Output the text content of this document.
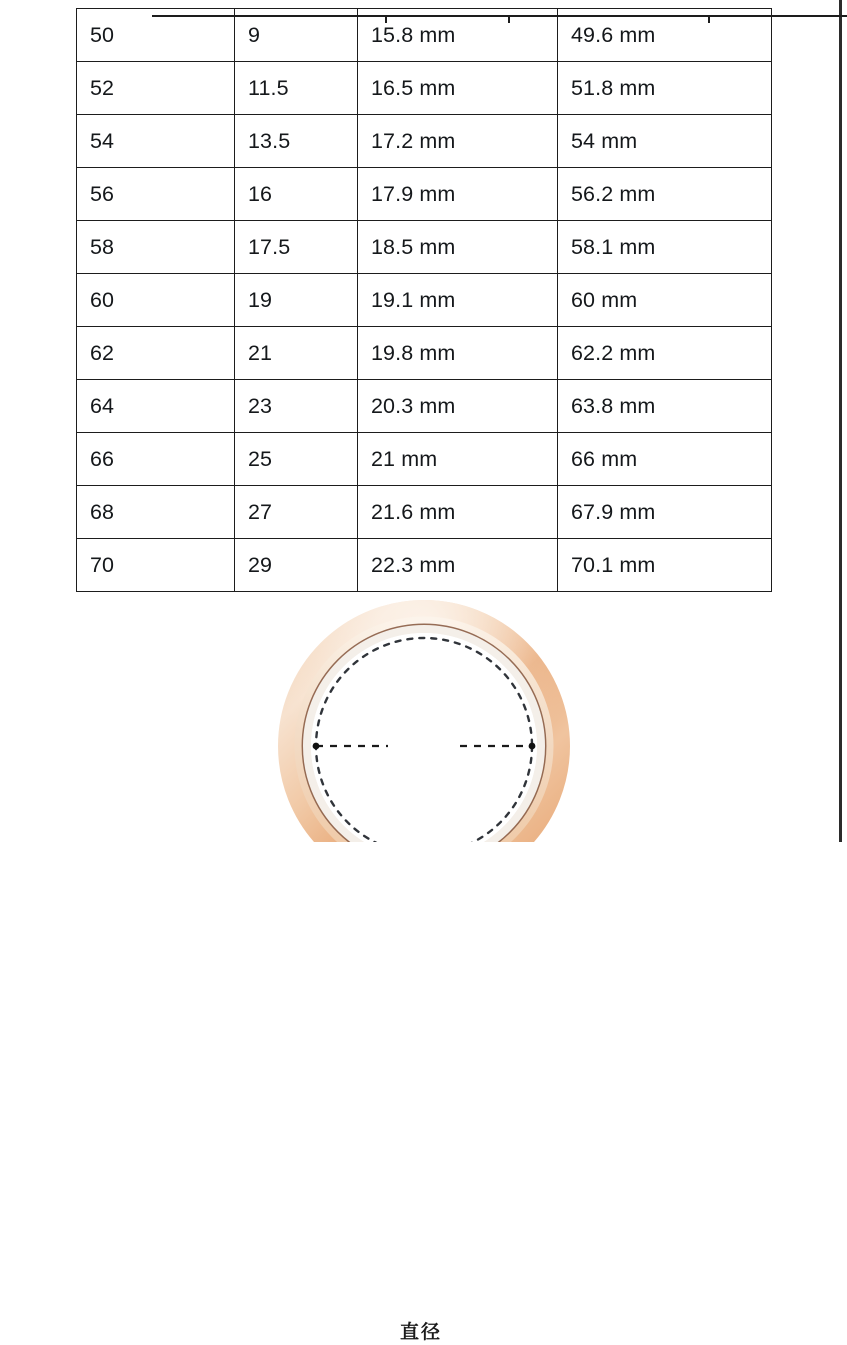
50	9	15.8 mm	49.6 mm
52	11.5	16.5 mm	51.8 mm
54	13.5	17.2 mm	54 mm
56	16	17.9 mm	56.2 mm
58	17.5	18.5 mm	58.1 mm
60	19	19.1 mm	60 mm
62	21	19.8 mm	62.2 mm
64	23	20.3 mm	63.8 mm
66	25	21 mm	66 mm
68	27	21.6 mm	67.9 mm
70	29	22.3 mm	70.1 mm
直径
